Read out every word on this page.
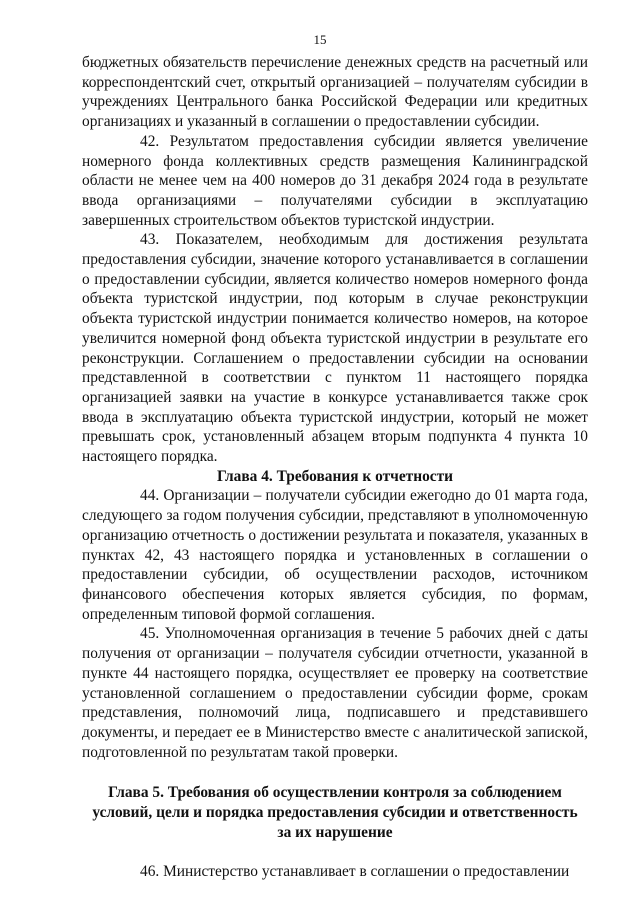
15

бюджетных обязательств перечисление денежных средств на расчетный или корреспондентский счет, открытый организацией – получателям субсидии в учреждениях Центрального банка Российской Федерации или кредитных организациях и указанный в соглашении о предоставлении субсидии.

42. Результатом предоставления субсидии является увеличение номерного фонда коллективных средств размещения Калининградской области не менее чем на 400 номеров до 31 декабря 2024 года в результате ввода организациями – получателями субсидии в эксплуатацию завершенных строительством объектов туристской индустрии.

43. Показателем, необходимым для достижения результата предоставления субсидии, значение которого устанавливается в соглашении о предоставлении субсидии, является количество номеров номерного фонда объекта туристской индустрии, под которым в случае реконструкции объекта туристской индустрии понимается количество номеров, на которое увеличится номерной фонд объекта туристской индустрии в результате его реконструкции. Соглашением о предоставлении субсидии на основании представленной в соответствии с пунктом 11 настоящего порядка организацией заявки на участие в конкурсе устанавливается также срок ввода в эксплуатацию объекта туристской индустрии, который не может превышать срок, установленный абзацем вторым подпункта 4 пункта 10 настоящего порядка.

Глава 4. Требования к отчетности

44. Организации – получатели субсидии ежегодно до 01 марта года, следующего за годом получения субсидии, представляют в уполномоченную организацию отчетность о достижении результата и показателя, указанных в пунктах 42, 43 настоящего порядка и установленных в соглашении о предоставлении субсидии, об осуществлении расходов, источником финансового обеспечения которых является субсидия, по формам, определенным типовой формой соглашения.

45. Уполномоченная организация в течение 5 рабочих дней с даты получения от организации – получателя субсидии отчетности, указанной в пункте 44 настоящего порядка, осуществляет ее проверку на соответствие установленной соглашением о предоставлении субсидии форме, срокам представления, полномочий лица, подписавшего и представившего документы, и передает ее в Министерство вместе с аналитической запиской, подготовленной по результатам такой проверки.

Глава 5. Требования об осуществлении контроля за соблюдением
условий, цели и порядка предоставления субсидии и ответственность
за их нарушение

46. Министерство устанавливает в соглашении о предоставлении
